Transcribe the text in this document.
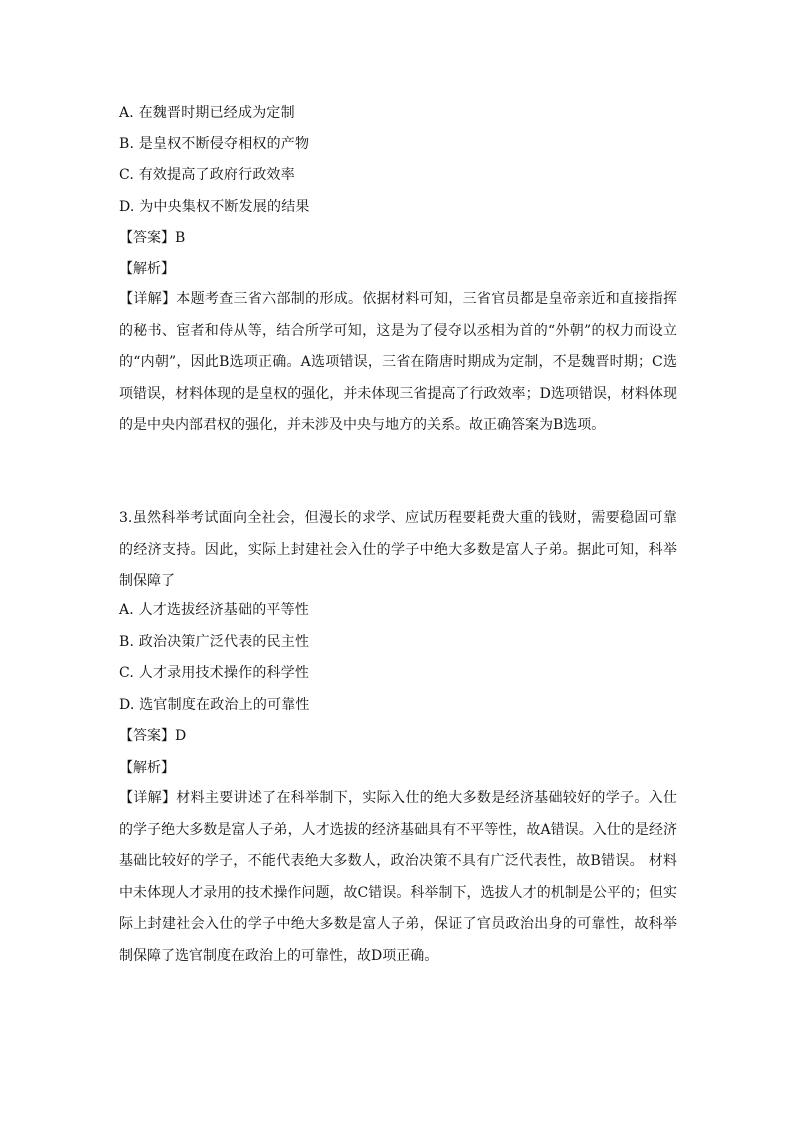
A. 在魏晋时期已经成为定制
B. 是皇权不断侵夺相权的产物
C. 有效提高了政府行政效率
D. 为中央集权不断发展的结果
【答案】B
【解析】
【详解】本题考查三省六部制的形成。依据材料可知，三省官员都是皇帝亲近和直接指挥的秘书、宦者和侍从等，结合所学可知，这是为了侵夺以丞相为首的“外朝”的权力而设立的“内朝”，因此B选项正确。A选项错误，三省在隋唐时期成为定制，不是魏晋时期；C选项错误，材料体现的是皇权的强化，并未体现三省提高了行政效率；D选项错误，材料体现的是中央内部君权的强化，并未涉及中央与地方的关系。故正确答案为B选项。
3.虽然科举考试面向全社会，但漫长的求学、应试历程要耗费大重的钱财，需要稳固可靠的经济支持。因此，实际上封建社会入仕的学子中绝大多数是富人子弟。据此可知，科举制保障了
A. 人才选拔经济基础的平等性
B. 政治决策广泛代表的民主性
C. 人才录用技术操作的科学性
D. 选官制度在政治上的可靠性
【答案】D
【解析】
【详解】材料主要讲述了在科举制下，实际入仕的绝大多数是经济基础较好的学子。入仕的学子绝大多数是富人子弟，人才选拔的经济基础具有不平等性，故A错误。入仕的是经济基础比较好的学子，不能代表绝大多数人，政治决策不具有广泛代表性，故B错误。 材料中未体现人才录用的技术操作问题，故C错误。科举制下，选拔人才的机制是公平的；但实际上封建社会入仕的学子中绝大多数是富人子弟，保证了官员政治出身的可靠性，故科举制保障了选官制度在政治上的可靠性，故D项正确。
